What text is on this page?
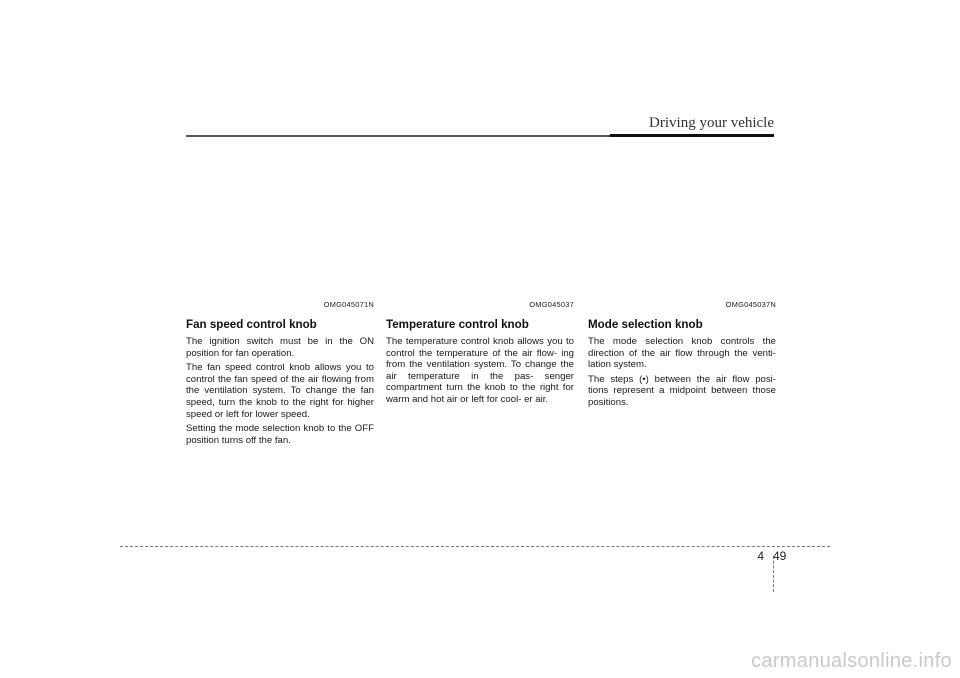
Driving your vehicle
OMG045071N
Fan speed control knob

The ignition switch must be in the ON position for fan operation.

The fan speed control knob allows you to control the fan speed of the air flowing from the ventilation system. To change the fan speed, turn the knob to the right for higher speed or left for lower speed.

Setting the mode selection knob to the OFF position turns off the fan.

OMG045037
Temperature control knob

The temperature control knob allows you to control the temperature of the air flow- ing from the ventilation system. To change the air temperature in the pas- senger compartment turn the knob to the right for warm and hot air or left for cool- er air.

OMG045037N
Mode selection knob

The mode selection knob controls the direction of the air flow through the venti- lation system.

The steps (•) between the air flow posi- tions represent a midpoint between those positions.

4 49
carmanualsonline.info
